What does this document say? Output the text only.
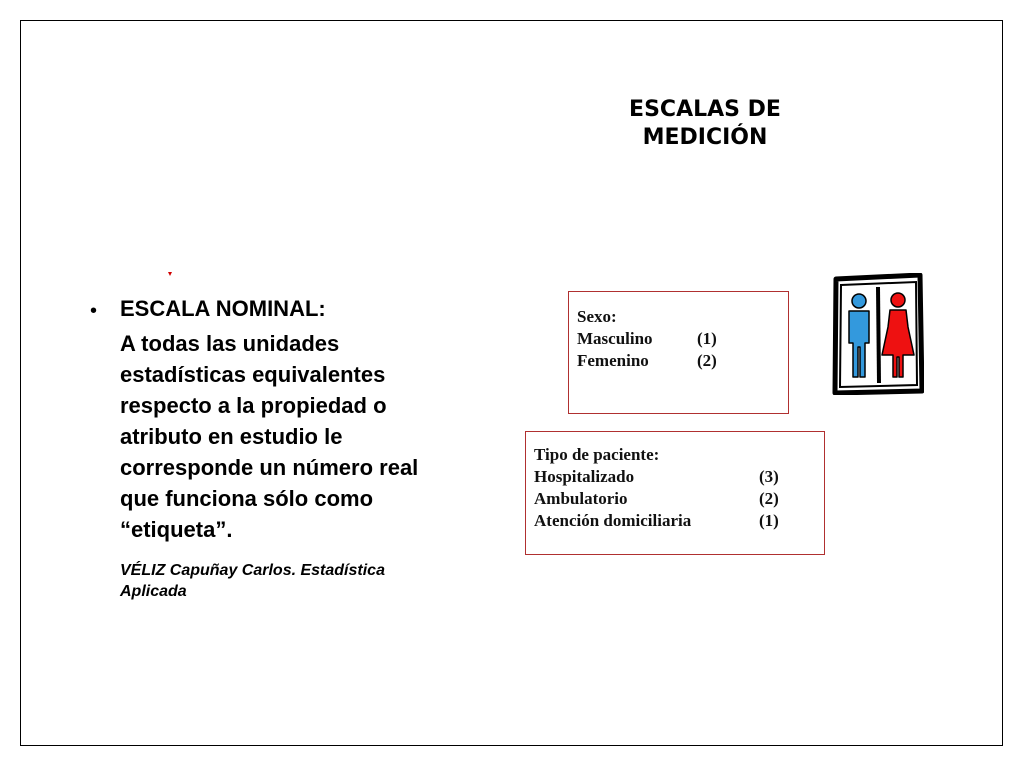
ESCALAS DE
MEDICIÓN
• ESCALA NOMINAL:
A todas las unidades
estadísticas equivalentes
respecto a la propiedad o
atributo en estudio le
corresponde un número real
que funciona sólo como
“etiqueta”.
VÉLIZ Capuñay Carlos. Estadística
Aplicada
Sexo:
Masculino	(1)
Femenino	(2)
Tipo de paciente:
Hospitalizado	(3)
Ambulatorio	(2)
Atención domiciliaria	(1)
